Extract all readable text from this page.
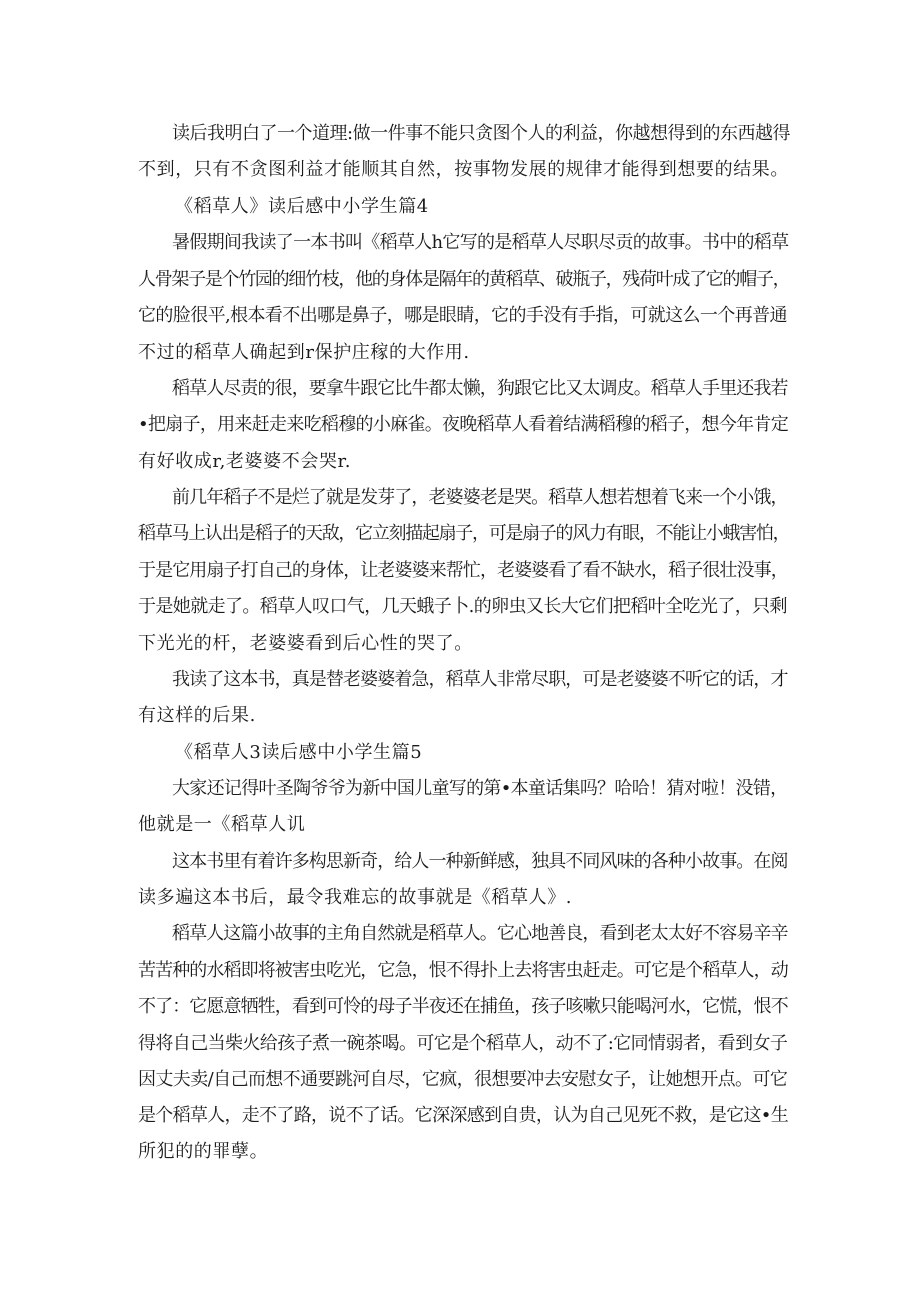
读后我明白了一个道理:做一件事不能只贪图个人的利益，你越想得到的东西越得

不到，只有不贪图利益才能顺其自然，按事物发展的规律才能得到想要的结果。

《稻草人》读后感中小学生篇4

暑假期间我读了一本书叫《稻草人h它写的是稻草人尽职尽贡的故事。书中的稻草

人骨架子是个竹园的细竹枝，他的身体是隔年的黄稻草、破瓶子，残荷叶成了它的帽子，

它的脸很平,根本看不出哪是鼻子，哪是眼睛，它的手没有手指，可就这么一个再普通

不过的稻草人确起到r保护庄稼的大作用.

稻草人尽责的很，要拿牛跟它比牛都太懒，狗跟它比又太调皮。稻草人手里还我若

•把扇子，用来赶走来吃稻穆的小麻雀。夜晚稻草人看着结满稻穆的稻子，想今年肯定

有好收成r,老婆婆不会哭r.

前几年稻子不是烂了就是发芽了，老婆婆老是哭。稻草人想若想着飞来一个小饿，

稻草马上认出是稻子的天敌，它立刻描起扇子，可是扇子的风力有眼，不能让小蛾害怕，

于是它用扇子打自己的身体，让老婆婆来帮忙，老婆婆看了看不缺水，稻子很壮没事，

于是她就走了。稻草人叹口气，几天蛾子卜.的卵虫又长大它们把稻叶全吃光了，只剩

下光光的杆，老婆婆看到后心性的哭了。

我读了这本书，真是替老婆婆着急，稻草人非常尽职，可是老婆婆不听它的话，才

有这样的后果.

《稻草人3读后感中小学生篇5

大家还记得叶圣陶爷爷为新中国儿童写的第•本童话集吗？哈哈！猜对啦！没错，

他就是一《稻草人讥

这本书里有着许多构思新奇，给人一种新鲜感，独具不同风味的各种小故事。在阅

读多遍这本书后，最令我难忘的故事就是《稻草人》.

稻草人这篇小故事的主角自然就是稻草人。它心地善良，看到老太太好不容易辛辛

苦苦种的水稻即将被害虫吃光，它急，恨不得扑上去将害虫赶走。可它是个稻草人，动

不了：它愿意牺牲，看到可怜的母子半夜还在捕鱼，孩子咳嗽只能喝河水，它慌，恨不

得将自己当柴火给孩子煮一碗茶喝。可它是个稻草人，动不了:它同情弱者，看到女子

因丈夫卖/自己而想不通要跳河自尽，它疯，很想要冲去安慰女子，让她想开点。可它

是个稻草人，走不了路，说不了话。它深深感到自贵，认为自己见死不救，是它这•生

所犯的的罪孽。
